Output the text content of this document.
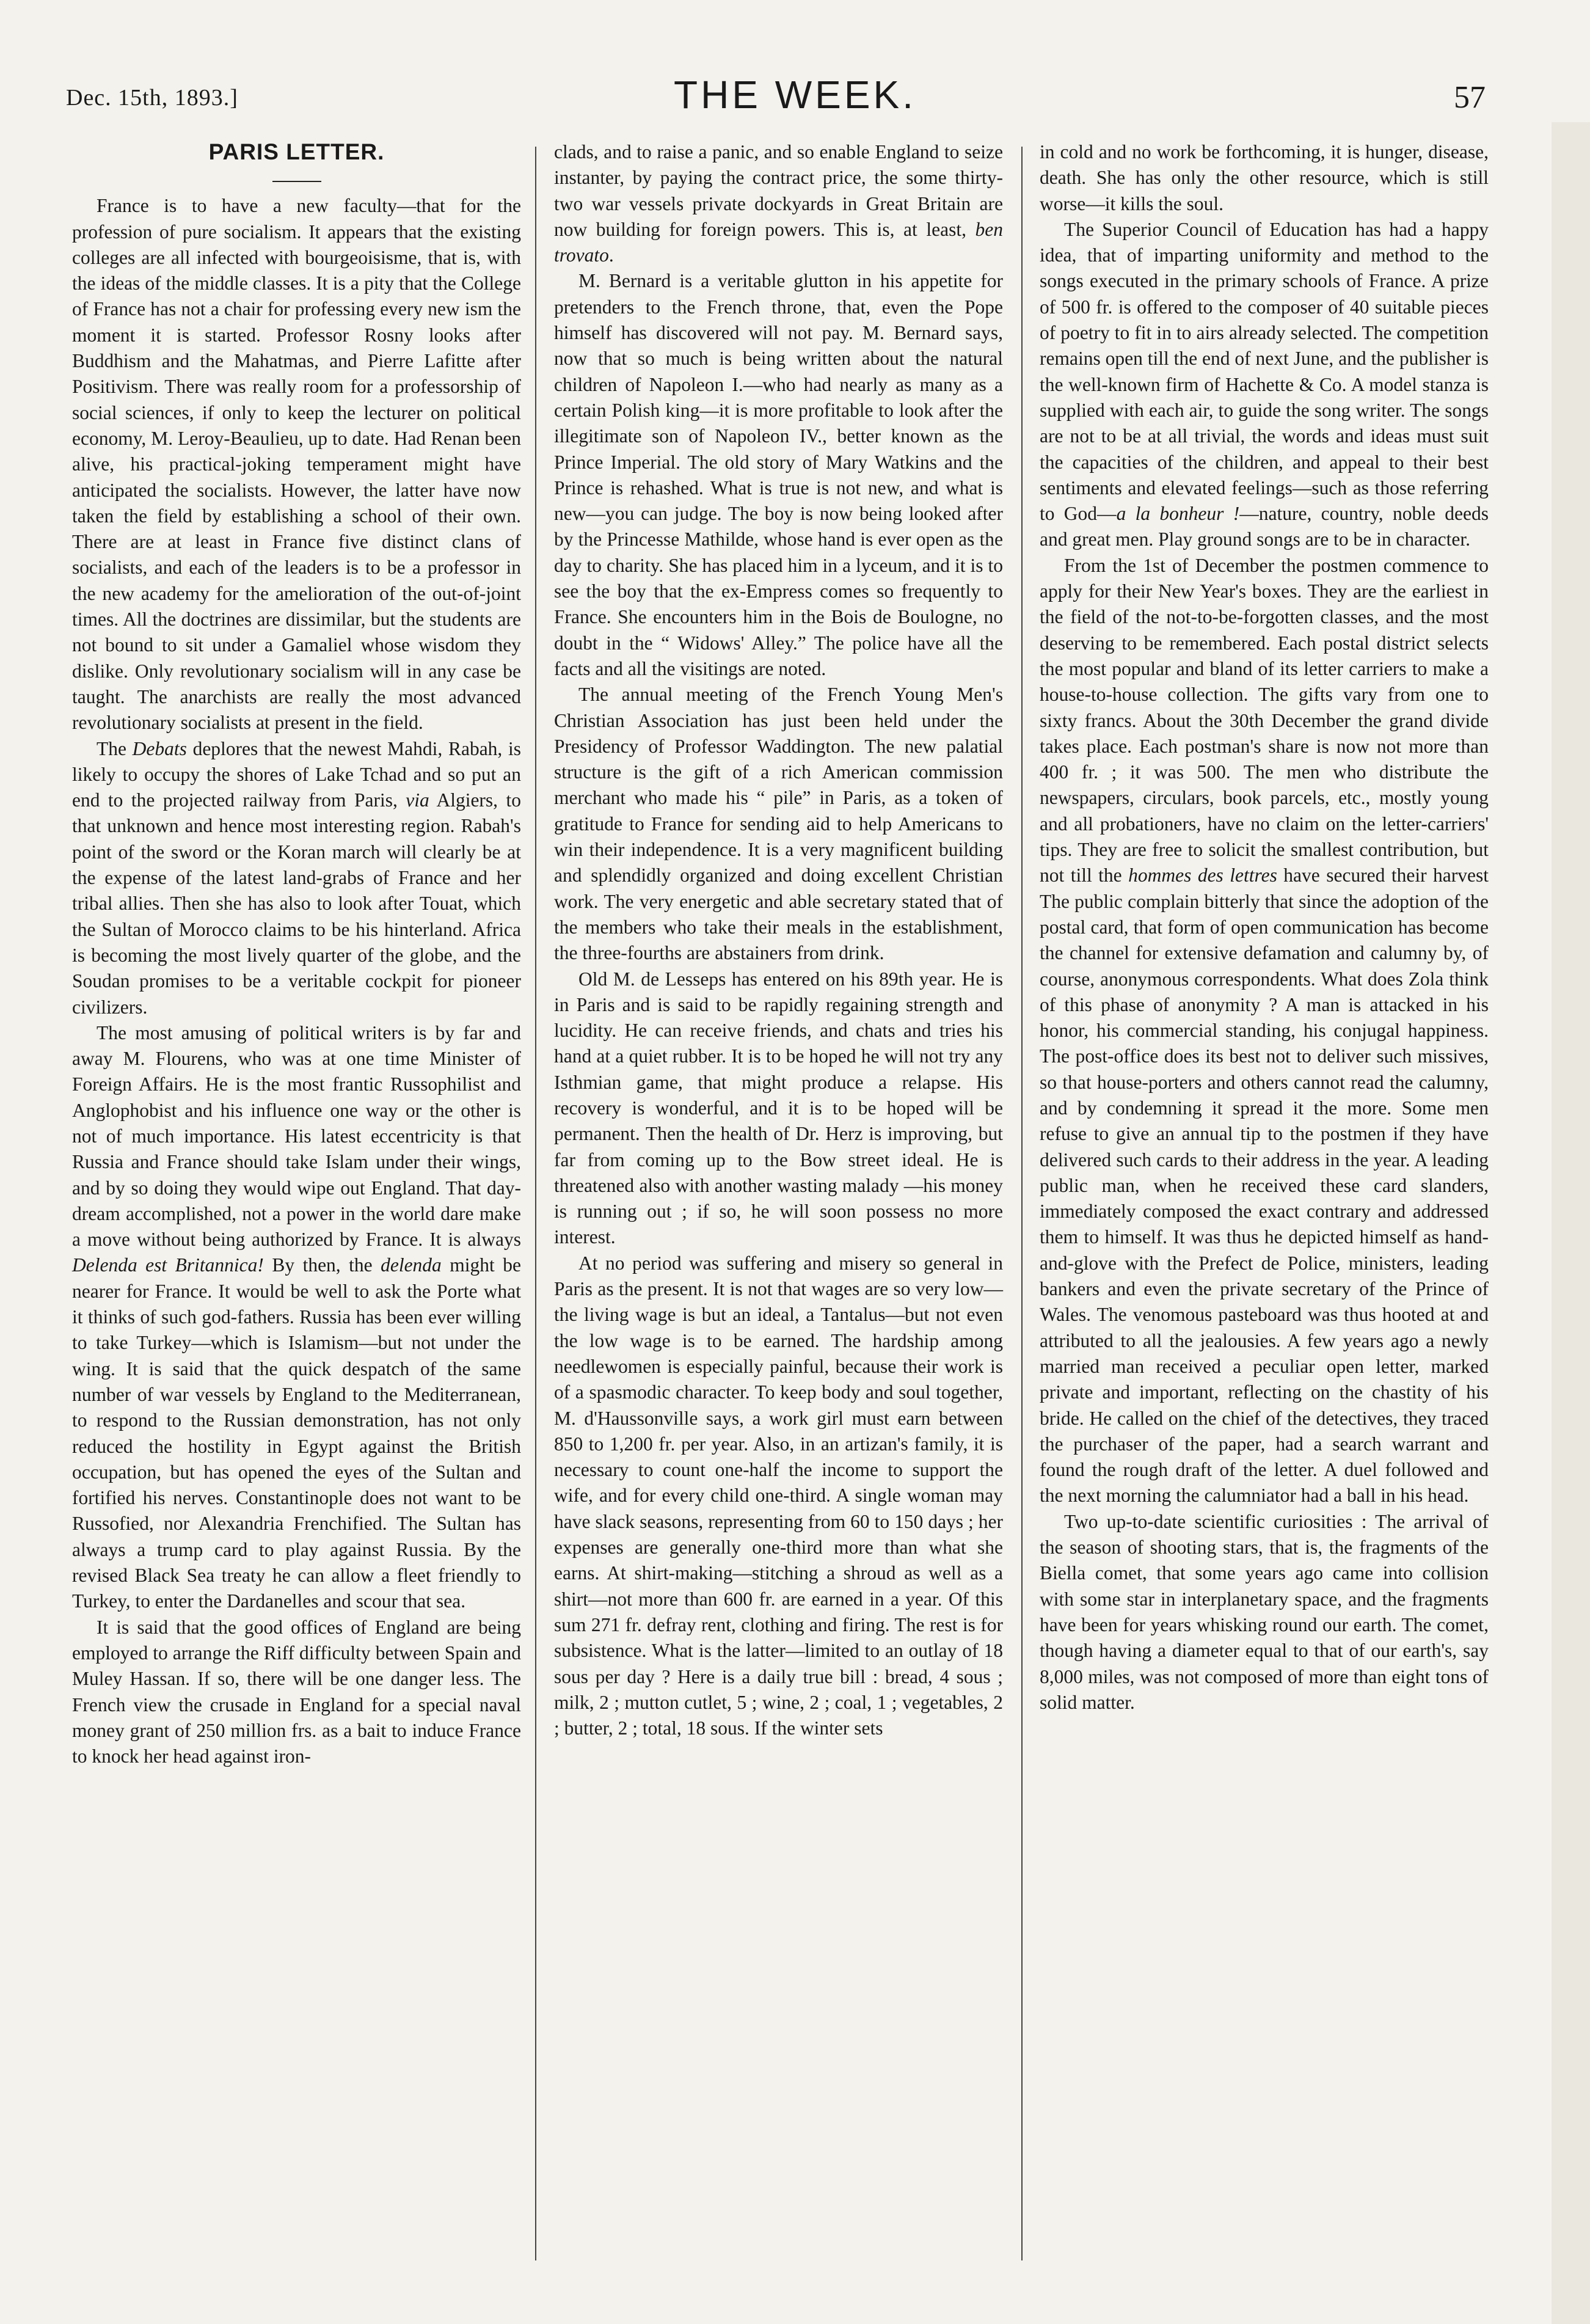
Dec. 15th, 1893.]	THE WEEK.	57
PARIS LETTER.

France is to have a new faculty—that for the profession of pure socialism. It appears that the existing colleges are all infected with bourgeoisisme, that is, with the ideas of the middle classes. It is a pity that the College of France has not a chair for professing every new ism the moment it is started. Professor Rosny looks after Buddhism and the Mahatmas, and Pierre Lafitte after Positivism. There was really room for a professorship of social sciences, if only to keep the lecturer on political economy, M. Leroy-Beaulieu, up to date. Had Renan been alive, his practical-joking temperament might have anticipated the socialists. However, the latter have now taken the field by establishing a school of their own. There are at least in France five distinct clans of socialists, and each of the leaders is to be a professor in the new academy for the amelioration of the out-of-joint times. All the doctrines are dissimilar, but the students are not bound to sit under a Gamaliel whose wisdom they dislike. Only revolutionary socialism will in any case be taught. The anarchists are really the most advanced revolutionary socialists at present in the field.

The Debats deplores that the newest Mahdi, Rabah, is likely to occupy the shores of Lake Tchad and so put an end to the projected railway from Paris, via Algiers, to that unknown and hence most interesting region. Rabah's point of the sword or the Koran march will clearly be at the expense of the latest land-grabs of France and her tribal allies. Then she has also to look after Touat, which the Sultan of Morocco claims to be his hinterland. Africa is becoming the most lively quarter of the globe, and the Soudan promises to be a veritable cockpit for pioneer civilizers.

The most amusing of political writers is by far and away M. Flourens, who was at one time Minister of Foreign Affairs. He is the most frantic Russophilist and Anglophobist and his influence one way or the other is not of much importance. His latest eccentricity is that Russia and France should take Islam under their wings, and by so doing they would wipe out England. That day-dream accomplished, not a power in the world dare make a move without being authorized by France. It is always Delenda est Britannica! By then, the delenda might be nearer for France. It would be well to ask the Porte what it thinks of such god-fathers. Russia has been ever willing to take Turkey—which is Islamism—but not under the wing. It is said that the quick despatch of the same number of war vessels by England to the Mediterranean, to respond to the Russian demonstration, has not only reduced the hostility in Egypt against the British occupation, but has opened the eyes of the Sultan and fortified his nerves. Constantinople does not want to be Russofied, nor Alexandria Frenchified. The Sultan has always a trump card to play against Russia. By the revised Black Sea treaty he can allow a fleet friendly to Turkey, to enter the Dardanelles and scour that sea.

It is said that the good offices of England are being employed to arrange the Riff difficulty between Spain and Muley Hassan. If so, there will be one danger less. The French view the crusade in England for a special naval money grant of 250 million frs. as a bait to induce France to knock her head against iron-

clads, and to raise a panic, and so enable England to seize instanter, by paying the contract price, the some thirty-two war vessels private dockyards in Great Britain are now building for foreign powers. This is, at least, ben trovato.

M. Bernard is a veritable glutton in his appetite for pretenders to the French throne, that, even the Pope himself has discovered will not pay. M. Bernard says, now that so much is being written about the natural children of Napoleon I.—who had nearly as many as a certain Polish king—it is more profitable to look after the illegitimate son of Napoleon IV., better known as the Prince Imperial. The old story of Mary Watkins and the Prince is rehashed. What is true is not new, and what is new—you can judge. The boy is now being looked after by the Princesse Mathilde, whose hand is ever open as the day to charity. She has placed him in a lyceum, and it is to see the boy that the ex-Empress comes so frequently to France. She encounters him in the Bois de Boulogne, no doubt in the “ Widows' Alley.” The police have all the facts and all the visitings are noted.

The annual meeting of the French Young Men's Christian Association has just been held under the Presidency of Professor Waddington. The new palatial structure is the gift of a rich American commission merchant who made his “ pile” in Paris, as a token of gratitude to France for sending aid to help Americans to win their independence. It is a very magnificent building and splendidly organized and doing excellent Christian work. The very energetic and able secretary stated that of the members who take their meals in the establishment, the three-fourths are abstainers from drink.

Old M. de Lesseps has entered on his 89th year. He is in Paris and is said to be rapidly regaining strength and lucidity. He can receive friends, and chats and tries his hand at a quiet rubber. It is to be hoped he will not try any Isthmian game, that might produce a relapse. His recovery is wonderful, and it is to be hoped will be permanent. Then the health of Dr. Herz is improving, but far from coming up to the Bow street ideal. He is threatened also with another wasting malady —his money is running out ; if so, he will soon possess no more interest.

At no period was suffering and misery so general in Paris as the present. It is not that wages are so very low—the living wage is but an ideal, a Tantalus—but not even the low wage is to be earned. The hardship among needlewomen is especially painful, because their work is of a spasmodic character. To keep body and soul together, M. d'Haussonville says, a work girl must earn between 850 to 1,200 fr. per year. Also, in an artizan's family, it is necessary to count one-half the income to support the wife, and for every child one-third. A single woman may have slack seasons, representing from 60 to 150 days ; her expenses are generally one-third more than what she earns. At shirt-making—stitching a shroud as well as a shirt—not more than 600 fr. are earned in a year. Of this sum 271 fr. defray rent, clothing and firing. The rest is for subsistence. What is the latter—limited to an outlay of 18 sous per day ? Here is a daily true bill : bread, 4 sous ; milk, 2 ; mutton cutlet, 5 ; wine, 2 ; coal, 1 ; vegetables, 2 ; butter, 2 ; total, 18 sous. If the winter sets

in cold and no work be forthcoming, it is hunger, disease, death. She has only the other resource, which is still worse—it kills the soul.

The Superior Council of Education has had a happy idea, that of imparting uniformity and method to the songs executed in the primary schools of France. A prize of 500 fr. is offered to the composer of 40 suitable pieces of poetry to fit in to airs already selected. The competition remains open till the end of next June, and the publisher is the well-known firm of Hachette & Co. A model stanza is supplied with each air, to guide the song writer. The songs are not to be at all trivial, the words and ideas must suit the capacities of the children, and appeal to their best sentiments and elevated feelings—such as those referring to God—a la bonheur !—nature, country, noble deeds and great men. Play ground songs are to be in character.

From the 1st of December the postmen commence to apply for their New Year's boxes. They are the earliest in the field of the not-to-be-forgotten classes, and the most deserving to be remembered. Each postal district selects the most popular and bland of its letter carriers to make a house-to-house collection. The gifts vary from one to sixty francs. About the 30th December the grand divide takes place. Each postman's share is now not more than 400 fr. ; it was 500. The men who distribute the newspapers, circulars, book parcels, etc., mostly young and all probationers, have no claim on the letter-carriers' tips. They are free to solicit the smallest contribution, but not till the hommes des lettres have secured their harvest The public complain bitterly that since the adoption of the postal card, that form of open communication has become the channel for extensive defamation and calumny by, of course, anonymous correspondents. What does Zola think of this phase of anonymity ? A man is attacked in his honor, his commercial standing, his conjugal happiness. The post-office does its best not to deliver such missives, so that house-porters and others cannot read the calumny, and by condemning it spread it the more. Some men refuse to give an annual tip to the postmen if they have delivered such cards to their address in the year. A leading public man, when he received these card slanders, immediately composed the exact contrary and addressed them to himself. It was thus he depicted himself as hand-and-glove with the Prefect de Police, ministers, leading bankers and even the private secretary of the Prince of Wales. The venomous pasteboard was thus hooted at and attributed to all the jealousies. A few years ago a newly married man received a peculiar open letter, marked private and important, reflecting on the chastity of his bride. He called on the chief of the detectives, they traced the purchaser of the paper, had a search warrant and found the rough draft of the letter. A duel followed and the next morning the calumniator had a ball in his head.

Two up-to-date scientific curiosities : The arrival of the season of shooting stars, that is, the fragments of the Biella comet, that some years ago came into collision with some star in interplanetary space, and the fragments have been for years whisking round our earth. The comet, though having a diameter equal to that of our earth's, say 8,000 miles, was not composed of more than eight tons of solid matter.
